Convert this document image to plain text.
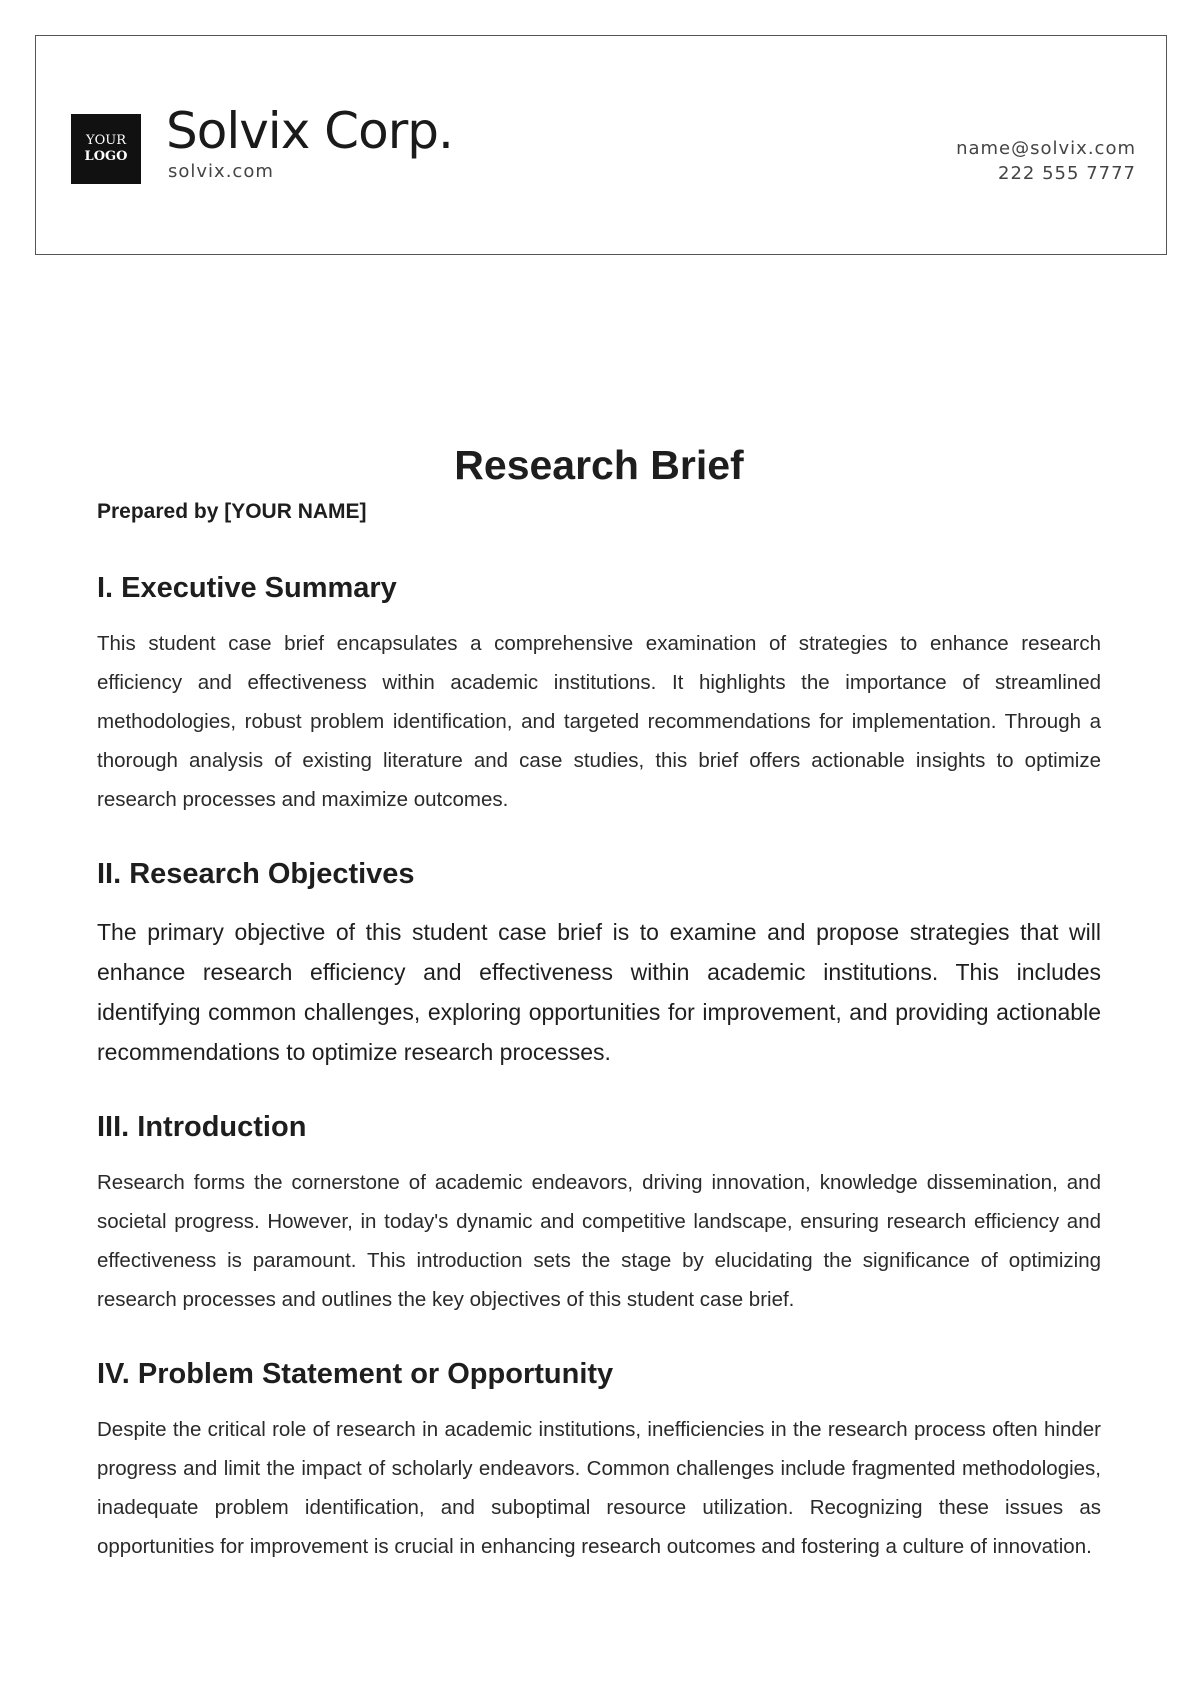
YOUR
LOGO Solvix Corp.
solvix.com
name@solvix.com
222 555 7777
Research Brief
Prepared by [YOUR NAME]
I. Executive Summary

This student case brief encapsulates a comprehensive examination of strategies to enhance research efficiency and effectiveness within academic institutions. It highlights the importance of streamlined methodologies, robust problem identification, and targeted recommendations for implementation. Through a thorough analysis of existing literature and case studies, this brief offers actionable insights to optimize research processes and maximize outcomes.

II. Research Objectives

The primary objective of this student case brief is to examine and propose strategies that will enhance research efficiency and effectiveness within academic institutions. This includes identifying common challenges, exploring opportunities for improvement, and providing actionable recommendations to optimize research processes.

III. Introduction

Research forms the cornerstone of academic endeavors, driving innovation, knowledge dissemination, and societal progress. However, in today's dynamic and competitive landscape, ensuring research efficiency and effectiveness is paramount. This introduction sets the stage by elucidating the significance of optimizing research processes and outlines the key objectives of this student case brief.

IV. Problem Statement or Opportunity

Despite the critical role of research in academic institutions, inefficiencies in the research process often hinder progress and limit the impact of scholarly endeavors. Common challenges include fragmented methodologies, inadequate problem identification, and suboptimal resource utilization. Recognizing these issues as opportunities for improvement is crucial in enhancing research outcomes and fostering a culture of innovation.
